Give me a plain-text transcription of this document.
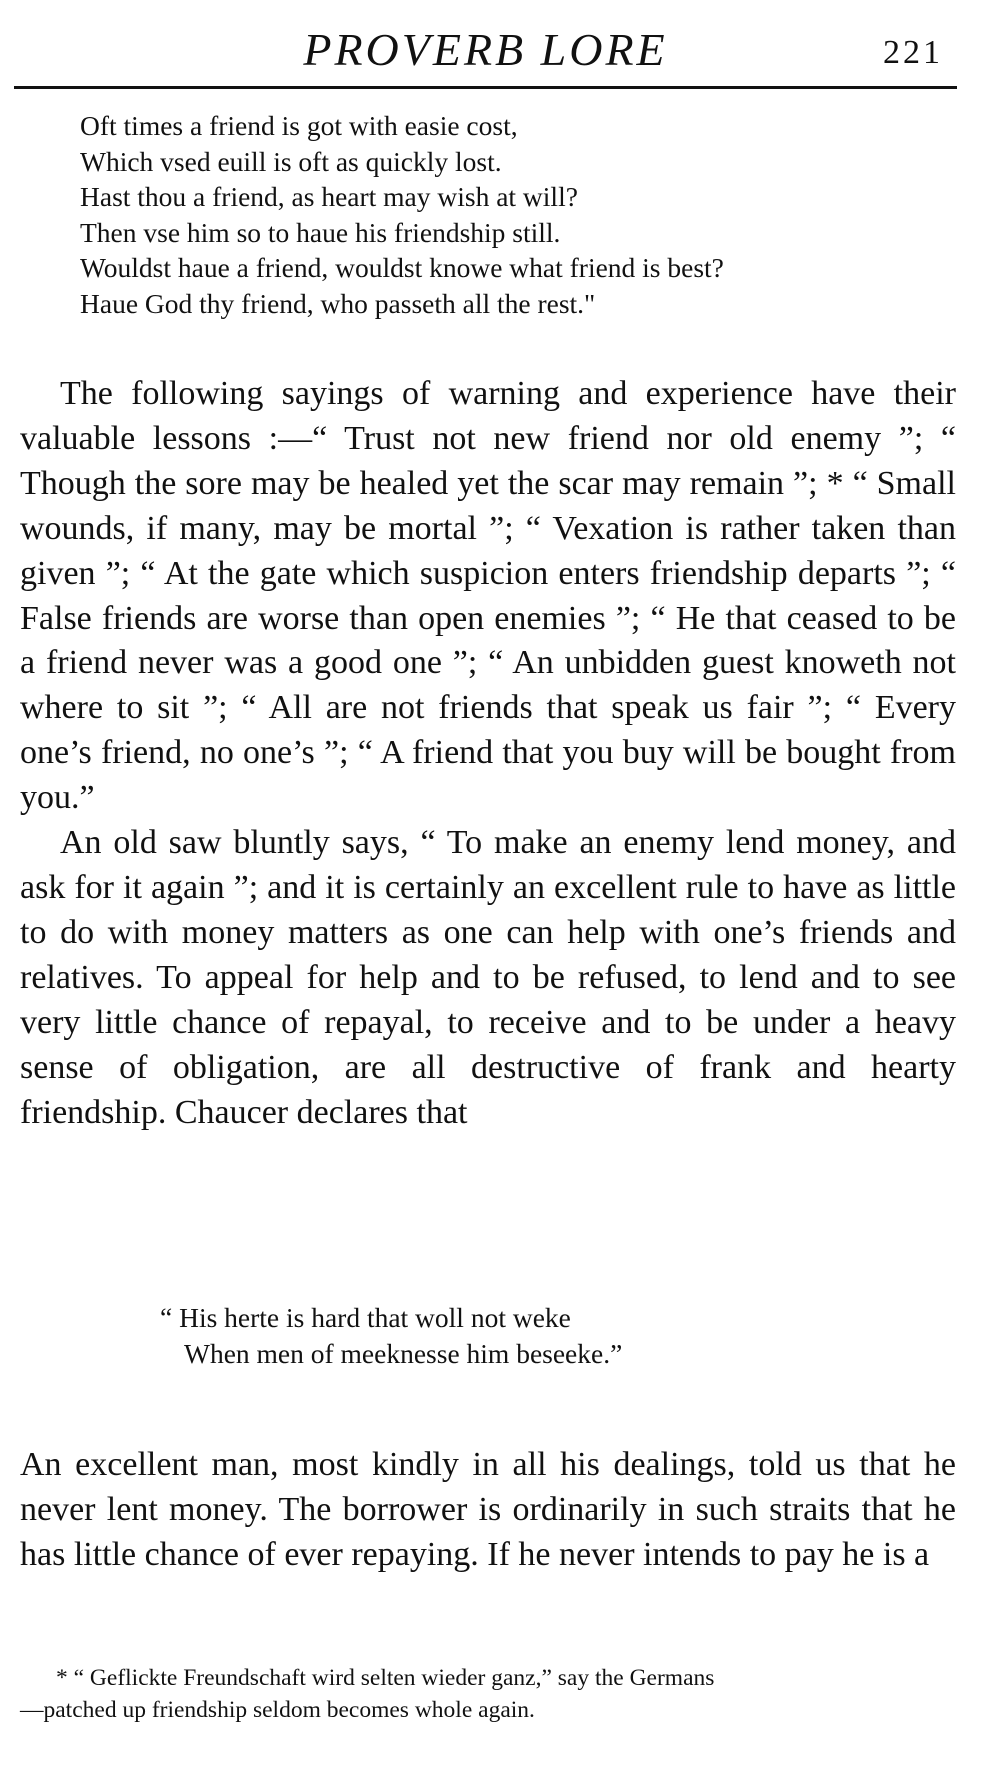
PROVERB LORE	221
Oft times a friend is got with easie cost,
Which vsed euill is oft as quickly lost.
Hast thou a friend, as heart may wish at will?
Then vse him so to haue his friendship still.
Wouldst haue a friend, wouldst knowe what friend is best?
Haue God thy friend, who passeth all the rest."

The following sayings of warning and experience have their valuable lessons :—“ Trust not new friend nor old enemy ”; “ Though the sore may be healed yet the scar may remain ”; * “ Small wounds, if many, may be mortal ”; “ Vexation is rather taken than given ”; “ At the gate which suspicion enters friendship departs ”; “ False friends are worse than open enemies ”; “ He that ceased to be a friend never was a good one ”; “ An unbidden guest knoweth not where to sit ”; “ All are not friends that speak us fair ”; “ Every one’s friend, no one’s ”; “ A friend that you buy will be bought from you.”

An old saw bluntly says, “ To make an enemy lend money, and ask for it again ”; and it is certainly an excellent rule to have as little to do with money matters as one can help with one’s friends and relatives. To appeal for help and to be refused, to lend and to see very little chance of repayal, to receive and to be under a heavy sense of obligation, are all destructive of frank and hearty friendship. Chaucer declares that

“ His herte is hard that woll not weke
When men of meeknesse him beseeke.”

An excellent man, most kindly in all his dealings, told us that he never lent money. The borrower is ordinarily in such straits that he has little chance of ever repaying. If he never intends to pay he is a

* “ Geflickte Freundschaft wird selten wieder ganz,” say the Germans
—patched up friendship seldom becomes whole again.
